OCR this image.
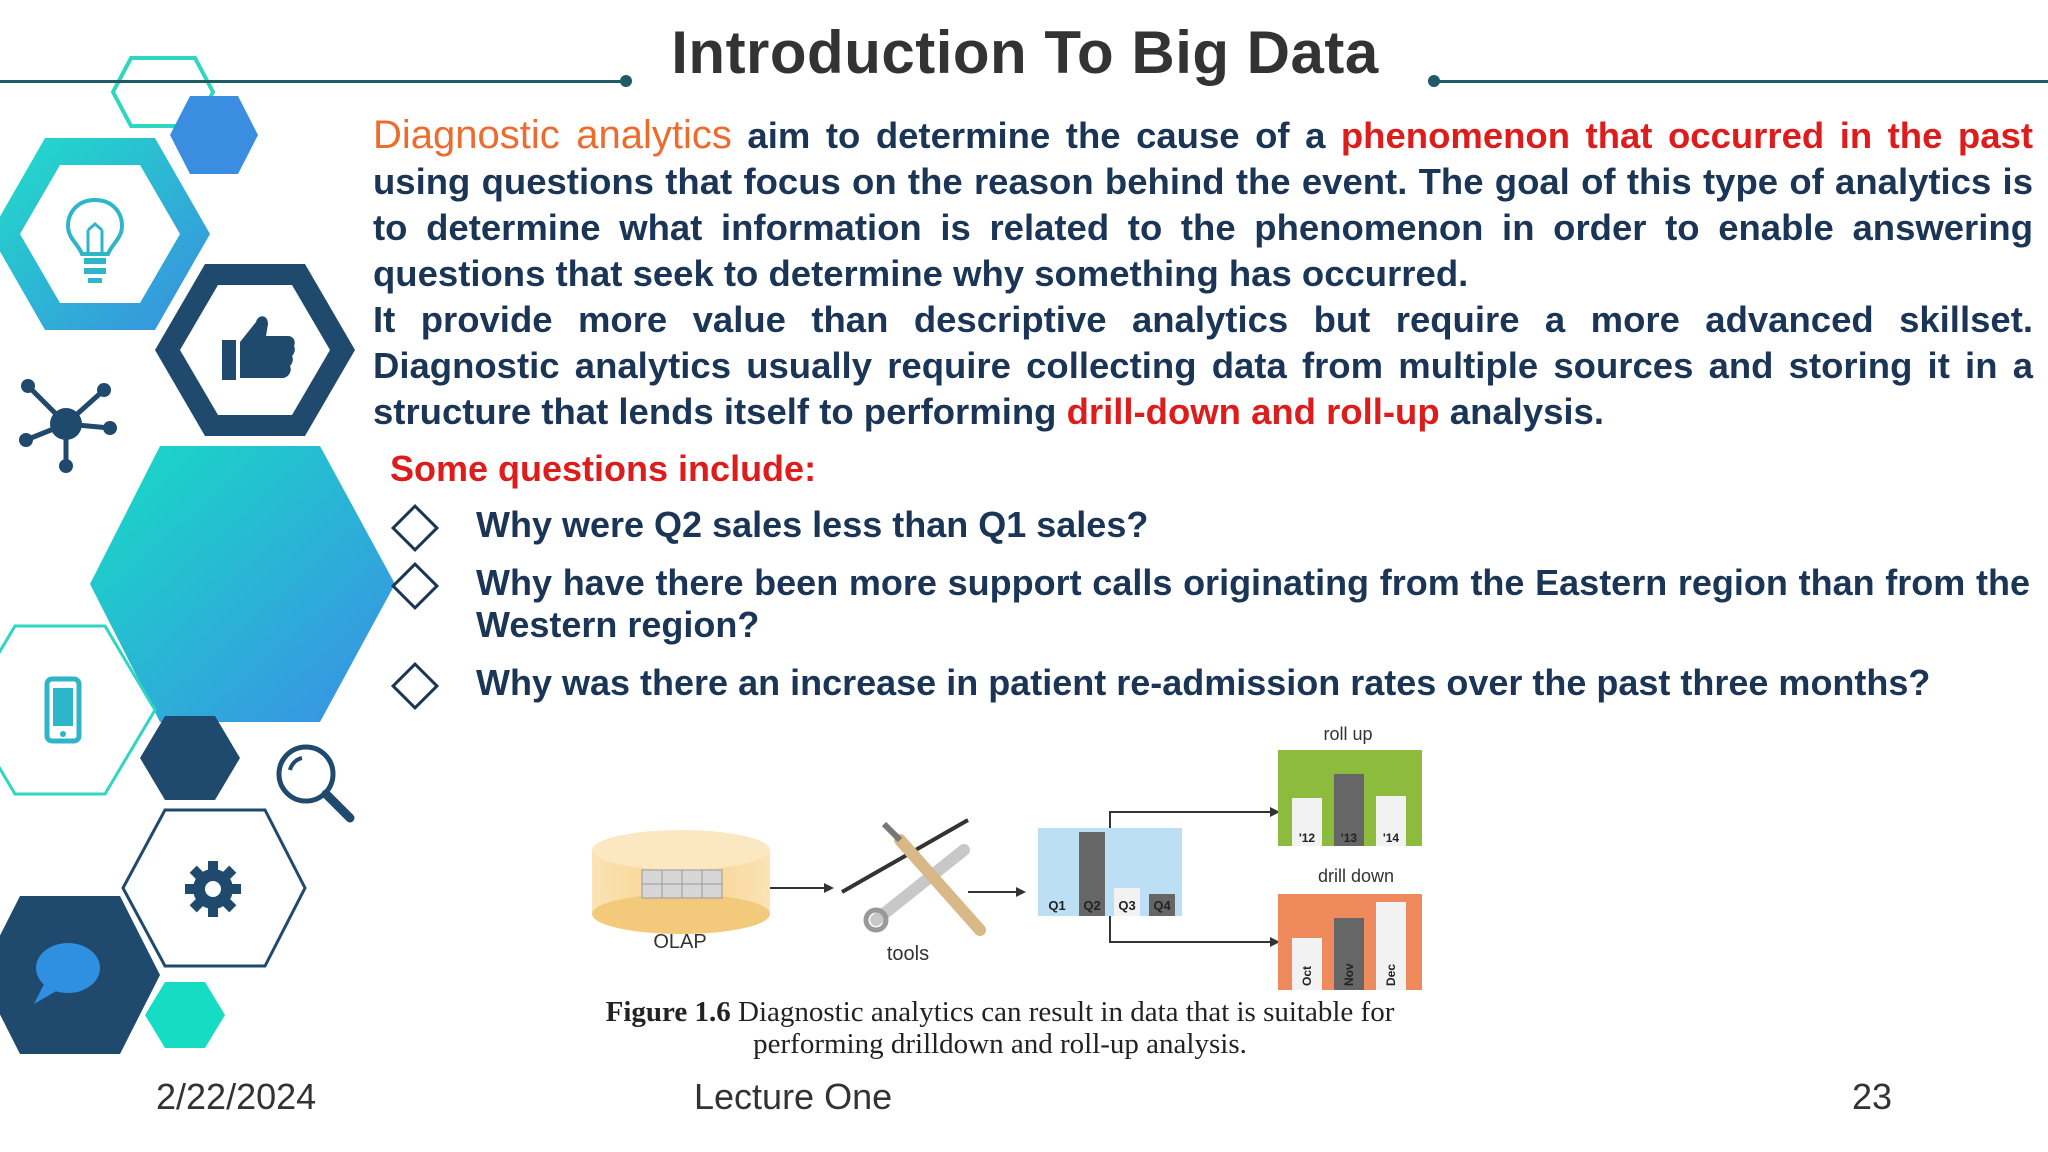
Introduction To Big Data

Diagnostic analytics aim to determine the cause of a phenomenon that occurred in the past using questions that focus on the reason behind the event. The goal of this type of analytics is to determine what information is related to the phenomenon in order to enable answering questions that seek to determine why something has occurred.

It provide more value than descriptive analytics but require a more advanced skillset. Diagnostic analytics usually require collecting data from multiple sources and storing it in a structure that lends itself to performing drill-down and roll-up analysis.

Some questions include:
Why were Q2 sales less than Q1 sales?
Why have there been more support calls originating from the Eastern region than from the Western region?
Why was there an increase in patient re-admission rates over the past three months?
OLAP
tools
Q1 Q2 Q3 Q4
roll up
'12 '13 '14
drill down
Oct Nov Dec
Figure 1.6 Diagnostic analytics can result in data that is suitable for
performing drilldown and roll-up analysis.
2/22/2024	Lecture One	23
